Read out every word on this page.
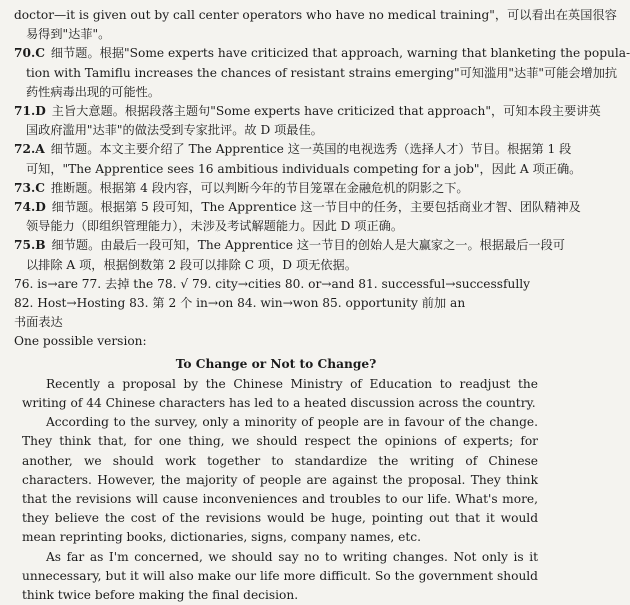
doctor—it is given out by call center operators who have no medical training"，可以看出在英国很容
易得到"达菲"。
70.C 细节题。根据"Some experts have criticized that approach, warning that blanketing the popula-
tion with Tamiflu increases the chances of resistant strains emerging"可知滥用"达菲"可能会增加抗
药性病毒出现的可能性。
71.D 主旨大意题。根据段落主题句"Some experts have criticized that approach"，可知本段主要讲英
国政府滥用"达菲"的做法受到专家批评。故 D 项最佳。
72.A 细节题。本文主要介绍了 The Apprentice 这一英国的电视选秀（选择人才）节目。根据第 1 段
可知，"The Apprentice sees 16 ambitious individuals competing for a job"，因此 A 项正确。
73.C 推断题。根据第 4 段内容，可以判断今年的节目笼罩在金融危机的阴影之下。
74.D 细节题。根据第 5 段可知，The Apprentice 这一节目中的任务，主要包括商业才智、团队精神及
领导能力（即组织管理能力），未涉及考试解题能力。因此 D 项正确。
75.B 细节题。由最后一段可知，The Apprentice 这一节目的创始人是大赢家之一。根据最后一段可
以排除 A 项，根据倒数第 2 段可以排除 C 项，D 项无依据。
76. is→are 77. 去掉 the 78. √ 79. city→cities 80. or→and 81. successful→successfully
82. Host→Hosting 83. 第 2 个 in→on 84. win→won 85. opportunity 前加 an
书面表达
One possible version:
To Change or Not to Change?

Recently a proposal by the Chinese Ministry of Education to readjust the writing of 44 Chinese characters has led to a heated discussion across the country.

According to the survey, only a minority of people are in favour of the change. They think that, for one thing, we should respect the opinions of experts; for another, we should work together to standardize the writing of Chinese characters. However, the majority of people are against the proposal. They think that the revisions will cause inconveniences and troubles to our life. What's more, they believe the cost of the revisions would be huge, pointing out that it would mean reprinting books, dictionaries, signs, company names, etc.

As far as I'm concerned, we should say no to writing changes. Not only is it unnecessary, but it will also make our life more difficult. So the government should think twice before making the final decision.
